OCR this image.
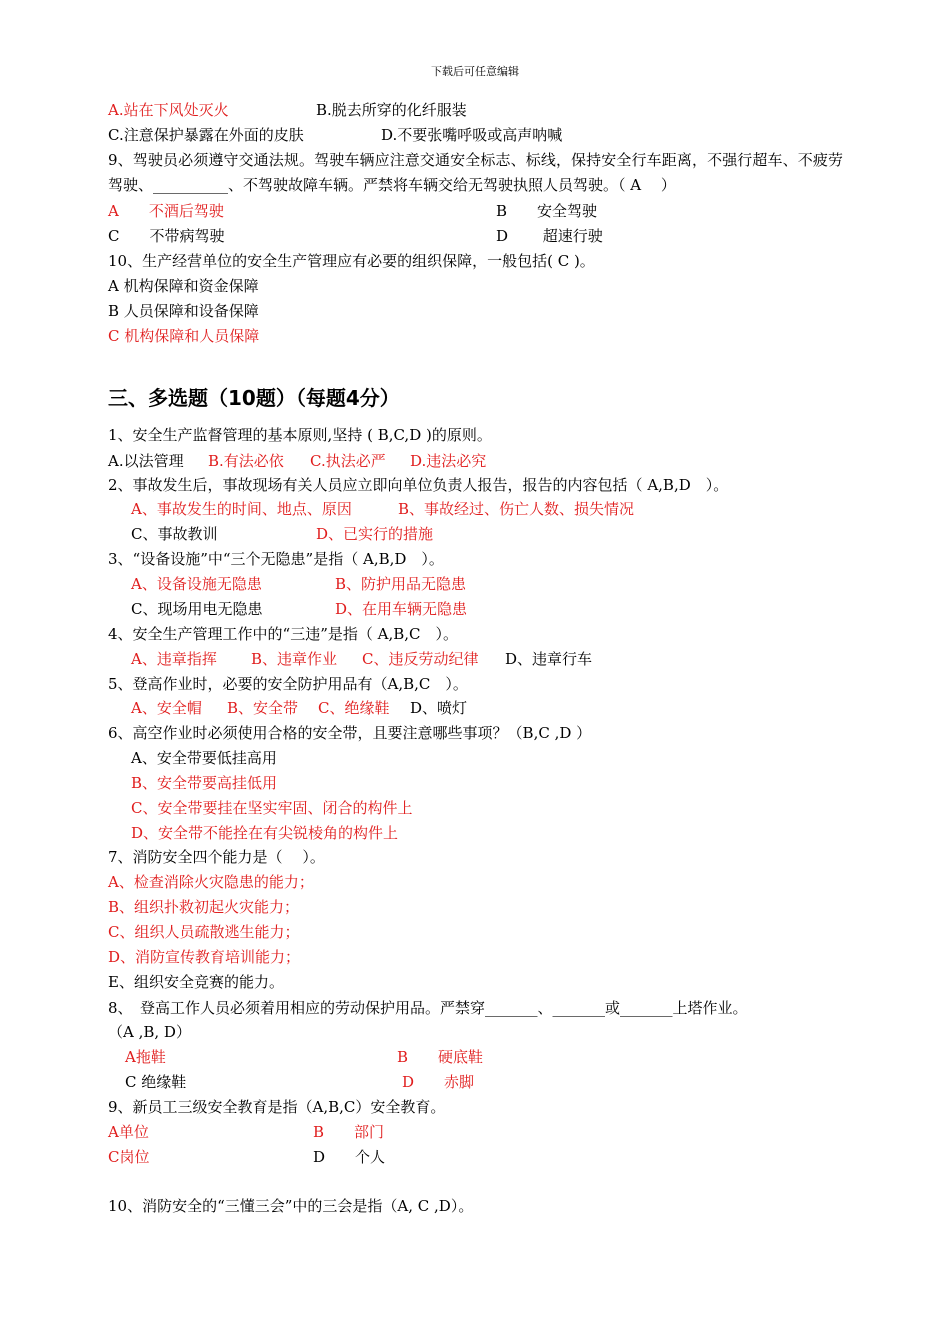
下载后可任意编辑
A.站在下风处灭火	B.脱去所穿的化纤服装
C.注意保护暴露在外面的皮肤	D.不要张嘴呼吸或高声呐喊
9、驾驶员必须遵守交通法规。驾驶车辆应注意交通安全标志、标线，保持安全行车距离，不强行超车、不疲劳驾驶、__________、不驾驶故障车辆。严禁将车辆交给无驾驶执照人员驾驶。（ A　 ）
A　　不酒后驾驶	B　　安全驾驶
C　　不带病驾驶	D　　 超速行驶
10、生产经营单位的安全生产管理应有必要的组织保障，一般包括( C )。
A 机构保障和资金保障
B 人员保障和设备保障
C 机构保障和人员保障
三、多选题（10题）（每题4分）
1、安全生产监督管理的基本原则,坚持 ( B,C,D )的原则。
A.以法管理 B.有法必依 C.执法必严 D.违法必究
2、事故发生后，事故现场有关人员应立即向单位负责人报告，报告的内容包括（ A,B,D　）。
A、事故发生的时间、地点、原因	B、事故经过、伤亡人数、损失情况
C、事故教训	D、已实行的措施
3、“设备设施”中“三个无隐患”是指（ A,B,D　）。
A、设备设施无隐患	B、防护用品无隐患
C、现场用电无隐患	D、在用车辆无隐患
4、安全生产管理工作中的“三违”是指（ A,B,C　）。
A、违章指挥 B、违章作业 C、违反劳动纪律 D、违章行车
5、登高作业时，必要的安全防护用品有（A,B,C　）。
A、安全帽 B、安全带 C、绝缘鞋 D、喷灯
6、高空作业时必须使用合格的安全带，且要注意哪些事项？（B,C ,D ）
A、安全带要低挂高用
B、安全带要高挂低用
C、安全带要挂在坚实牢固、闭合的构件上
D、安全带不能拴在有尖锐棱角的构件上
7、消防安全四个能力是（　 ）。
A、检查消除火灾隐患的能力；
B、组织扑救初起火灾能力；
C、组织人员疏散逃生能力；
D、消防宣传教育培训能力；
E、组织安全竞赛的能力。
8、　登高工作人员必须着用相应的劳动保护用品。严禁穿_______、_______或_______上塔作业。
（A ,B, D）
A拖鞋	B　　硬底鞋
C 绝缘鞋	D　　赤脚
9、新员工三级安全教育是指（A,B,C）安全教育。
A单位	B　　部门
C岗位	D　　个人
10、消防安全的“三懂三会”中的三会是指（A, C ,D）。
